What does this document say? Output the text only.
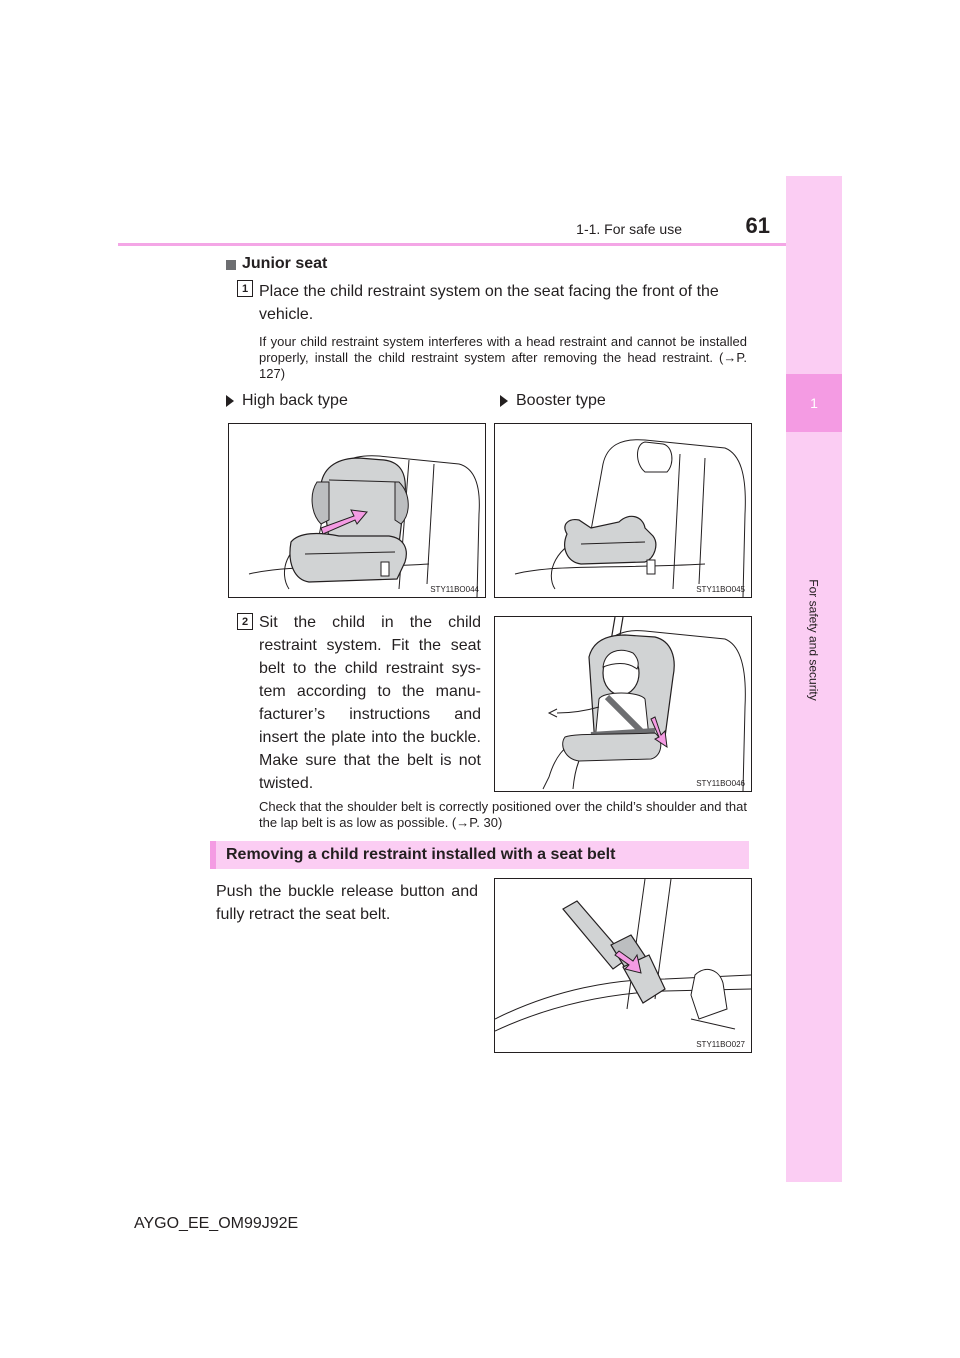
1
For safety and security
1-1. For safe use	61
Junior seat
1 Place the child restraint system on the seat facing the front of the vehicle.
If your child restraint system interferes with a head restraint and cannot be installed properly, install the child restraint system after removing the head restraint. (→P. 127)
High back type	Booster type
STY11BO044	STY11BO045
2 Sit the child in the child restraint system. Fit the seat belt to the child restraint sys-tem according to the manu-facturer’s instructions and insert the plate into the buckle. Make sure that the belt is not twisted.	STY11BO046
Check that the shoulder belt is correctly positioned over the child’s shoulder and that the lap belt is as low as possible. (→P. 30)
Removing a child restraint installed with a seat belt
Push the buckle release button and fully retract the seat belt.
STY11BO027
AYGO_EE_OM99J92E
